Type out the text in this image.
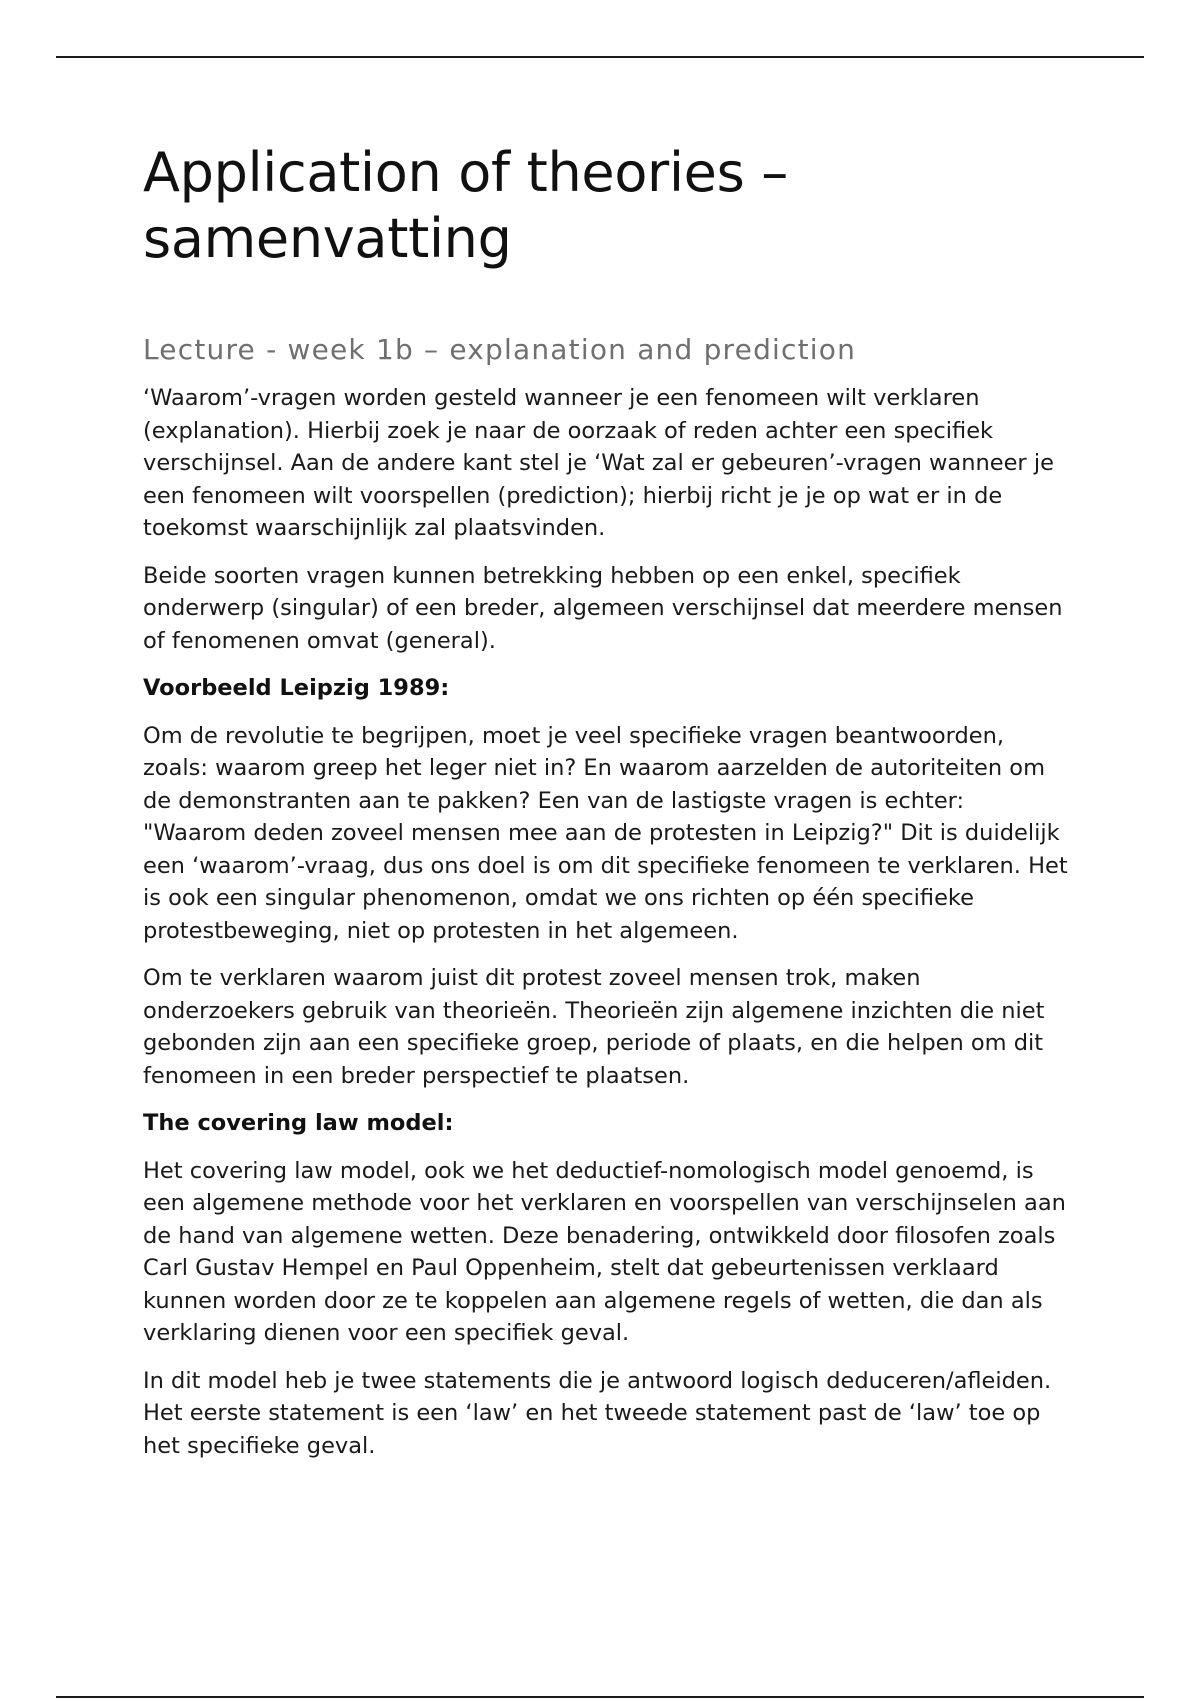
Application of theories – samenvatting
Lecture - week 1b – explanation and prediction

‘Waarom’-vragen worden gesteld wanneer je een fenomeen wilt verklaren (explanation). Hierbij zoek je naar de oorzaak of reden achter een specifiek verschijnsel. Aan de andere kant stel je ‘Wat zal er gebeuren’-vragen wanneer je een fenomeen wilt voorspellen (prediction); hierbij richt je je op wat er in de toekomst waarschijnlijk zal plaatsvinden.

Beide soorten vragen kunnen betrekking hebben op een enkel, specifiek onderwerp (singular) of een breder, algemeen verschijnsel dat meerdere mensen of fenomenen omvat (general).

Voorbeeld Leipzig 1989:

Om de revolutie te begrijpen, moet je veel specifieke vragen beantwoorden, zoals: waarom greep het leger niet in? En waarom aarzelden de autoriteiten om de demonstranten aan te pakken? Een van de lastigste vragen is echter: "Waarom deden zoveel mensen mee aan de protesten in Leipzig?" Dit is duidelijk een ‘waarom’-vraag, dus ons doel is om dit specifieke fenomeen te verklaren. Het is ook een singular phenomenon, omdat we ons richten op één specifieke protestbeweging, niet op protesten in het algemeen.

Om te verklaren waarom juist dit protest zoveel mensen trok, maken onderzoekers gebruik van theorieën. Theorieën zijn algemene inzichten die niet gebonden zijn aan een specifieke groep, periode of plaats, en die helpen om dit fenomeen in een breder perspectief te plaatsen.

The covering law model:

Het covering law model, ook we het deductief-nomologisch model genoemd, is een algemene methode voor het verklaren en voorspellen van verschijnselen aan de hand van algemene wetten. Deze benadering, ontwikkeld door filosofen zoals Carl Gustav Hempel en Paul Oppenheim, stelt dat gebeurtenissen verklaard kunnen worden door ze te koppelen aan algemene regels of wetten, die dan als verklaring dienen voor een specifiek geval.

In dit model heb je twee statements die je antwoord logisch deduceren/afleiden. Het eerste statement is een ‘law’ en het tweede statement past de ‘law’ toe op het specifieke geval.
